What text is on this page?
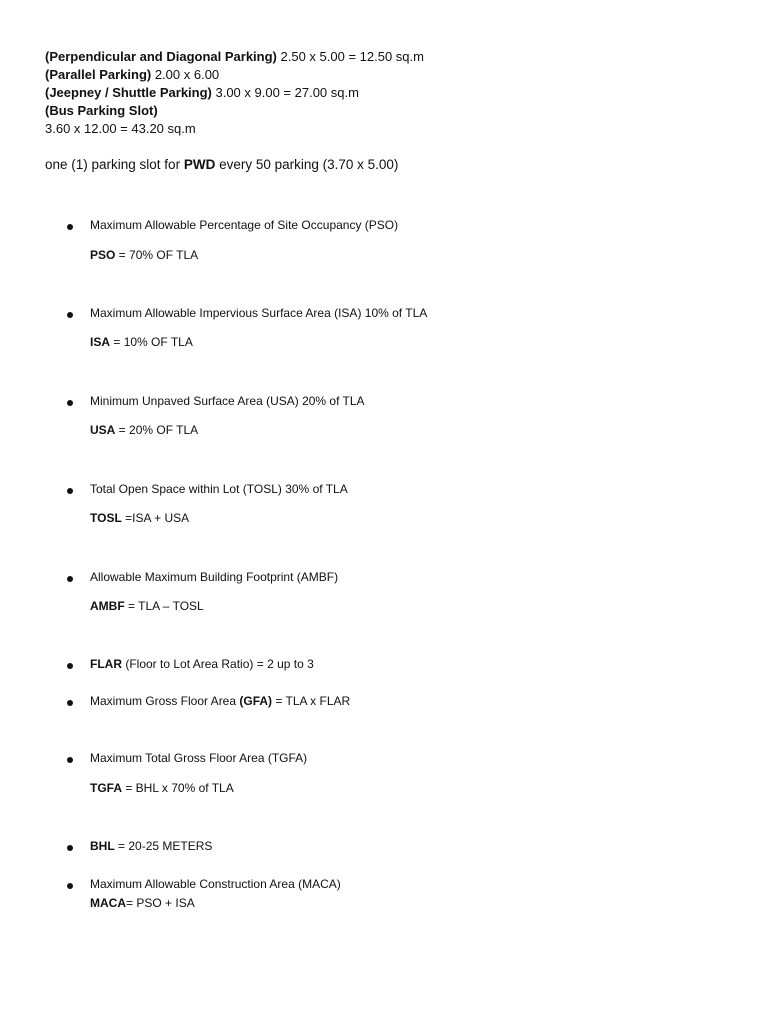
(Perpendicular and Diagonal Parking) 2.50 x 5.00 = 12.50 sq.m
(Parallel Parking) 2.00 x 6.00
(Jeepney / Shuttle Parking) 3.00 x 9.00 = 27.00 sq.m
(Bus Parking Slot)
3.60 x 12.00 = 43.20 sq.m
one (1) parking slot for PWD every 50 parking (3.70 x 5.00)
Maximum Allowable Percentage of Site Occupancy (PSO)
PSO = 70% OF TLA
Maximum Allowable Impervious Surface Area (ISA) 10% of TLA
ISA = 10% OF TLA
Minimum Unpaved Surface Area (USA) 20% of TLA
USA = 20% OF TLA
Total Open Space within Lot (TOSL) 30% of TLA
TOSL =ISA + USA
Allowable Maximum Building Footprint (AMBF)
AMBF = TLA – TOSL
FLAR (Floor to Lot Area Ratio) = 2 up to 3
Maximum Gross Floor Area (GFA) = TLA x FLAR
Maximum Total Gross Floor Area (TGFA)
TGFA = BHL x 70% of TLA
BHL = 20-25 METERS
Maximum Allowable Construction Area (MACA)
MACA= PSO + ISA
